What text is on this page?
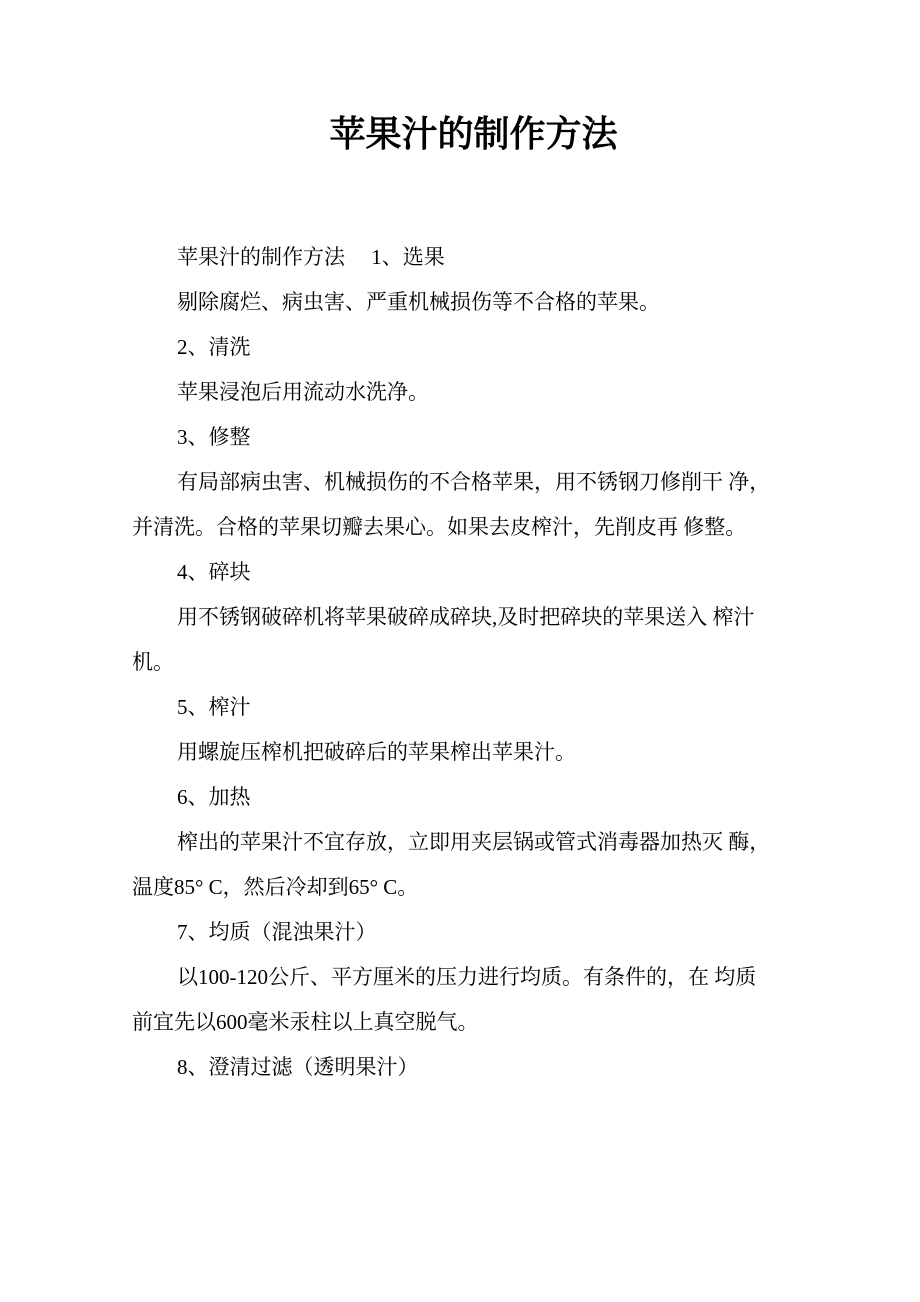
苹果汁的制作方法
苹果汁的制作方法　 1、选果
剔除腐烂、病虫害、严重机械损伤等不合格的苹果。
2、清洗
苹果浸泡后用流动水洗净。
3、修整
有局部病虫害、机械损伤的不合格苹果，用不锈钢刀修削干 净，
并清洗。合格的苹果切瓣去果心。如果去皮榨汁，先削皮再 修整。
4、碎块
用不锈钢破碎机将苹果破碎成碎块,及时把碎块的苹果送入 榨汁
机。
5、榨汁
用螺旋压榨机把破碎后的苹果榨出苹果汁。
6、加热
榨出的苹果汁不宜存放，立即用夹层锅或管式消毒器加热灭 酶，
温度85° C，然后冷却到65° C。
7、均质（混浊果汁）
以100-120公斤、平方厘米的压力进行均质。有条件的，在 均质
前宜先以600毫米汞柱以上真空脱气。
8、澄清过滤（透明果汁）
